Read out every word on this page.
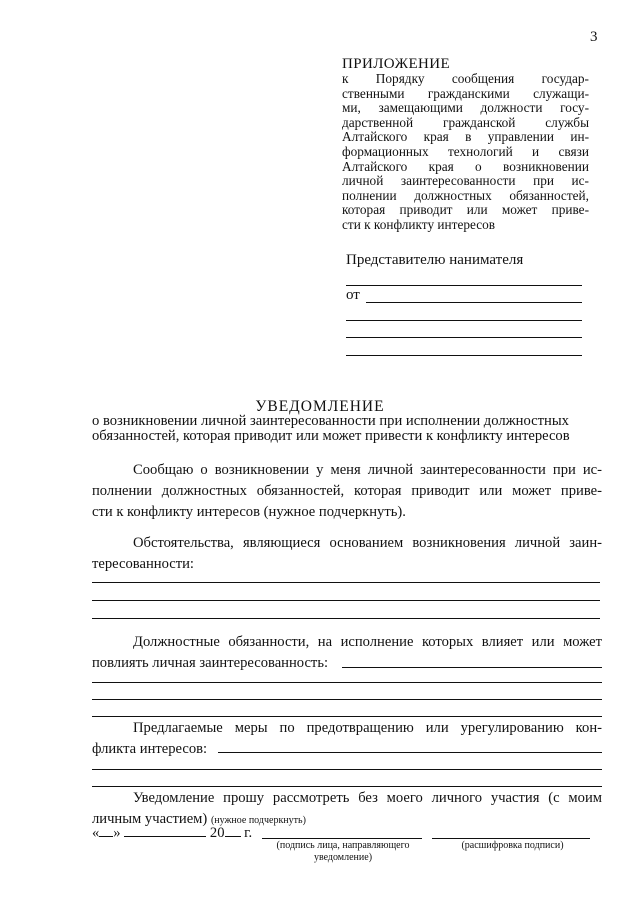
3
ПРИЛОЖЕНИЕ
к Порядку сообщения государ-
ственными гражданскими служащи-
ми, замещающими должности госу-
дарственной гражданской службы
Алтайского края в управлении ин-
формационных технологий и связи
Алтайского края о возникновении
личной заинтересованности при ис-
полнении должностных обязанностей,
которая приводит или может приве-
сти к конфликту интересов
Представителю нанимателя
от
УВЕДОМЛЕНИЕ
о возникновении личной заинтересованности при исполнении должностных
обязанностей, которая приводит или может привести к конфликту интересов
Сообщаю о возникновении у меня личной заинтересованности при ис-
полнении должностных обязанностей, которая приводит или может приве-
сти к конфликту интересов (нужное подчеркнуть).
Обстоятельства, являющиеся основанием возникновения личной заин-
тересованности:
Должностные обязанности, на исполнение которых влияет или может
повлиять личная заинтересованность:
Предлагаемые меры по предотвращению или урегулированию кон-
фликта интересов:
Уведомление прошу рассмотреть без моего личного участия (с моим
личным участием) (нужное подчеркнуть)
« »	20 г.
(подпись лица, направляющего
уведомление)
(расшифровка подписи)
